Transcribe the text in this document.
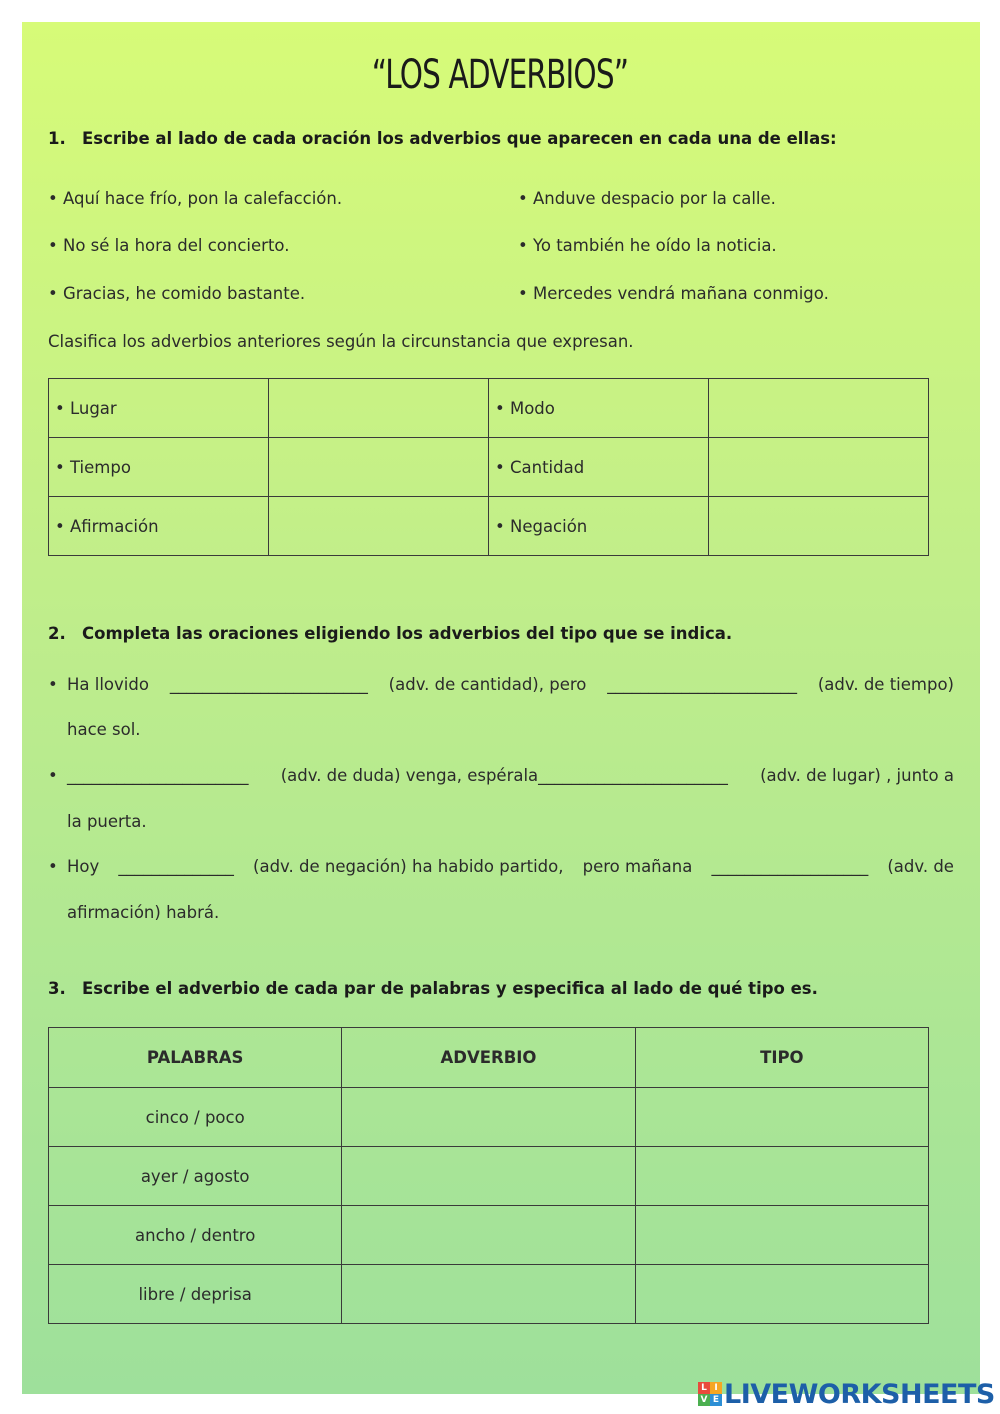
“LOS ADVERBIOS”
1. Escribe al lado de cada oración los adverbios que aparecen en cada una de ellas:
• Aquí hace frío, pon la calefacción.
• No sé la hora del concierto.
• Gracias, he comido bastante.
• Anduve despacio por la calle.
• Yo también he oído la noticia.
• Mercedes vendrá mañana conmigo.
Clasifica los adverbios anteriores según la circunstancia que expresan.
• Lugar		• Modo	
• Tiempo		• Cantidad	
• Afirmación		• Negación	
2. Completa las oraciones eligiendo los adverbios del tipo que se indica.
• Ha llovido ________________________ (adv. de cantidad), pero _______________________ (adv. de tiempo)
hace sol.
• ______________________ (adv. de duda) venga, espérala_______________________ (adv. de lugar) , junto a
la puerta.
• Hoy ______________ (adv. de negación) ha habido partido, pero mañana ___________________ (adv. de
afirmación) habrá.
3. Escribe el adverbio de cada par de palabras y especifica al lado de qué tipo es.
PALABRAS	ADVERBIO	TIPO
cinco / poco		
ayer / agosto		
ancho / dentro		
libre / deprisa		
L I
V E LIVEWORKSHEETS
